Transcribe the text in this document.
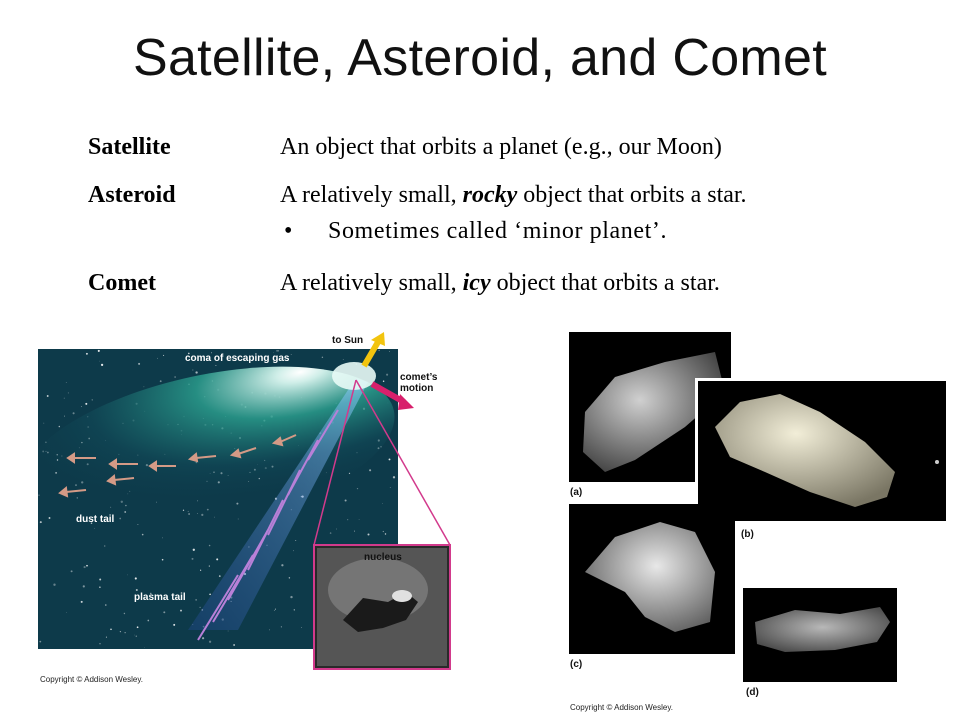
Satellite, Asteroid, and Comet
Satellite	An object that orbits a planet (e.g., our Moon)
Asteroid	A relatively small, rocky object that orbits a star.
• Sometimes called ‘minor planet’.
Comet	A relatively small, icy object that orbits a star.
to Sun
coma of escaping gas
comet’s
motion
dust tail
plasma tail
nucleus
Copyright © Addison Wesley.
(a)
(b)
(c)
(d)
Copyright © Addison Wesley.
